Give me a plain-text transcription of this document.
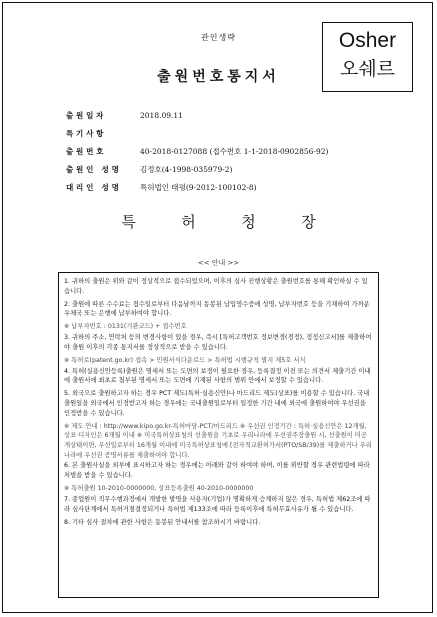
관인생략
출원번호통지서
Osher
오쉐르
출원일자	2018.09.11
특기사항
출원번호	40-2018-0127088 (접수번호 1-1-2018-0902856-92)
출원인 성명	김정호(4-1998-035979-2)
대리인 성명	특허법인 태평(9-2012-100102-8)
특	허	청	장
<< 안내 >>

1. 귀하의 출원은 위와 같이 정상적으로 접수되었으며, 이후의 심사 진행상황은 출원번호를 통해 확인하실 수 있습니다.

2. 출원에 따른 수수료는 접수일로부터 다음날까지 동봉된 납입영수증에 성명, 납부자번호 등을 기재하여 가까운 우체국 또는 은행에 납부하여야 합니다.

※ 납부자번호 : 0131(기관코드) + 접수번호

3. 귀하의 주소, 연락처 등의 변경사항이 있을 경우, 즉시 [특허고객번호 정보변경(경정), 정정신고서]를 제출하여야 출원 이후의 각종 통지서를 정상적으로 받을 수 있습니다.

※ 특허로(patent.go.kr) 접속 > 민원서식다운로드 > 특허법 시행규칙 별지 제5호 서식

4. 특허(실용신안등록)출원은 명세서 또는 도면의 보정이 필요한 경우, 등록결정 이전 또는 의견서 제출기간 이내에 출원서에 최초로 첨부된 명세서 또는 도면에 기재된 사항의 범위 안에서 보정할 수 있습니다.

5. 외국으로 출원하고자 하는 경우 PCT 제도(특허·실용신안)나 마드리드 제도(상표)를 이용할 수 있습니다. 국내출원일을 외국에서 인정받고자 하는 경우에는 국내출원일로부터 일정한 기간 내에 외국에 출원하여야 우선권을 인정받을 수 있습니다.

※ 제도 안내 : http://www.kipo.go.kr-특허마당-PCT/마드리드 ※ 우선권 인정기간 : 특허·실용신안은 12개월, 상표·디자인은 6개월 이내 ※ 미국특허상표청의 선출원을 기초로 우리나라에 우선권주장출원 시, 선출원이 미공개상태이면, 우선일로부터 16개월 이내에 미국특허상표청에 [전자적교환허가서(PTO/SB/39)를 제출하거나 우리나라에 우선권 증명서류를 제출하여야 합니다.

6. 본 출원사실을 외부에 표시하고자 하는 경우에는 아래와 같이 하여야 하며, 이를 위반할 경우 관련법령에 따라 처벌을 받을 수 있습니다.

※ 특허출원 10-2010-0000000, 상표등록출원 40-2010-0000000

7. 종업원이 직무수행과정에서 개발한 발명을 사용자(기업)가 명확하게 승계하지 않은 경우, 특허법 제62조에 따라 심사단계에서 특허거절결정되거나 특허법 제133조에 따라 등록이후에 특허무효사유가 될 수 있습니다.

8. 기타 심사 절차에 관한 사항은 동봉된 안내서를 참조하시기 바랍니다.
